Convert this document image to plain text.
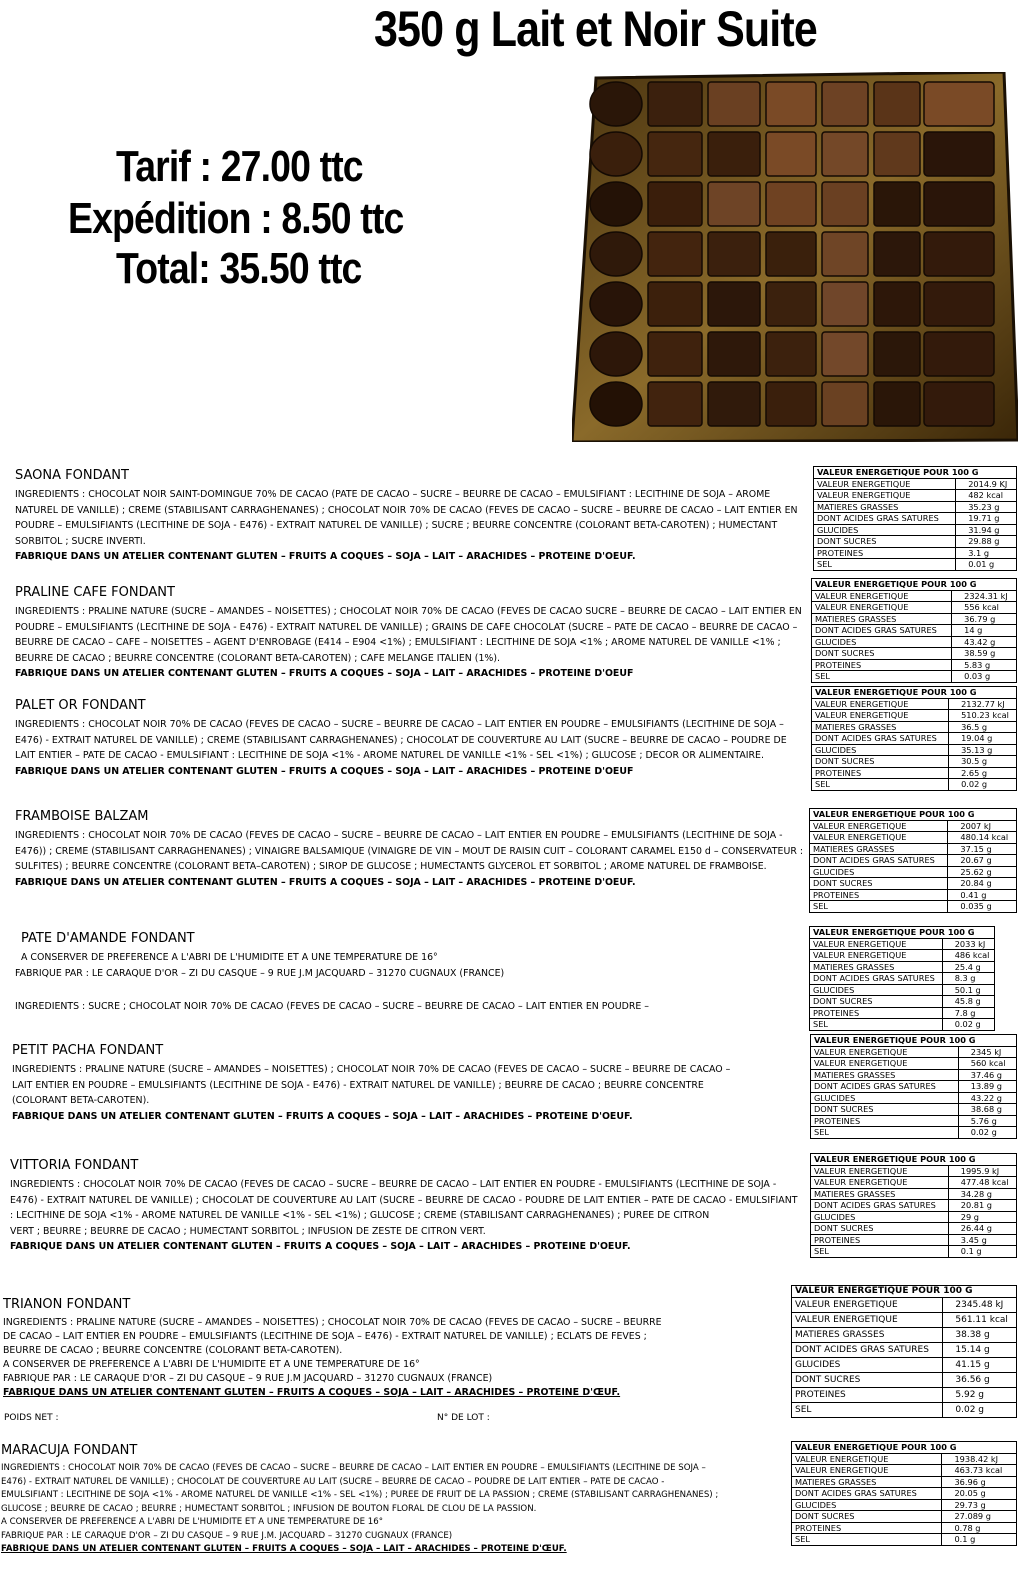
350 g Lait et Noir Suite
Tarif : 27.00 ttc
Expédition : 8.50 ttc
Total: 35.50 ttc
SAONA FONDANT
INGREDIENTS : CHOCOLAT NOIR SAINT-DOMINGUE 70% DE CACAO (PATE DE CACAO – SUCRE – BEURRE DE CACAO – EMULSIFIANT : LECITHINE DE SOJA – AROME NATUREL DE VANILLE) ; CREME (STABILISANT CARRAGHENANES) ; CHOCOLAT NOIR 70% DE CACAO (FEVES DE CACAO – SUCRE – BEURRE DE CACAO – LAIT ENTIER EN POUDRE – EMULSIFIANTS (LECITHINE DE SOJA - E476) - EXTRAIT NATUREL DE VANILLE) ; SUCRE ; BEURRE CONCENTRE (COLORANT BETA-CAROTEN) ; HUMECTANT SORBITOL ; SUCRE INVERTI.
FABRIQUE DANS UN ATELIER CONTENANT GLUTEN – FRUITS A COQUES – SOJA – LAIT – ARACHIDES – PROTEINE D'OEUF.
PRALINE CAFE FONDANT
INGREDIENTS : PRALINE NATURE (SUCRE – AMANDES – NOISETTES) ; CHOCOLAT NOIR 70% DE CACAO (FEVES DE CACAO SUCRE – BEURRE DE CACAO – LAIT ENTIER EN POUDRE – EMULSIFIANTS (LECITHINE DE SOJA - E476) - EXTRAIT NATUREL DE VANILLE) ; GRAINS DE CAFE CHOCOLAT (SUCRE – PATE DE CACAO – BEURRE DE CACAO – BEURRE DE CACAO – CAFE – NOISETTES – AGENT D'ENROBAGE (E414 – E904 <1%) ; EMULSIFIANT : LECITHINE DE SOJA <1% ; AROME NATUREL DE VANILLE <1% ; BEURRE DE CACAO ; BEURRE CONCENTRE (COLORANT BETA-CAROTEN) ; CAFE MELANGE ITALIEN (1%).
FABRIQUE DANS UN ATELIER CONTENANT GLUTEN – FRUITS A COQUES – SOJA – LAIT – ARACHIDES – PROTEINE D'OEUF
PALET OR FONDANT
INGREDIENTS : CHOCOLAT NOIR 70% DE CACAO (FEVES DE CACAO – SUCRE – BEURRE DE CACAO – LAIT ENTIER EN POUDRE – EMULSIFIANTS (LECITHINE DE SOJA – E476) - EXTRAIT NATUREL DE VANILLE) ; CREME (STABILISANT CARRAGHENANES) ; CHOCOLAT DE COUVERTURE AU LAIT (SUCRE – BEURRE DE CACAO – POUDRE DE LAIT ENTIER – PATE DE CACAO - EMULSIFIANT : LECITHINE DE SOJA <1% - AROME NATUREL DE VANILLE <1% - SEL <1%) ; GLUCOSE ; DECOR OR ALIMENTAIRE.
FABRIQUE DANS UN ATELIER CONTENANT GLUTEN – FRUITS A COQUES – SOJA – LAIT – ARACHIDES – PROTEINE D'OEUF
FRAMBOISE BALZAM
INGREDIENTS : CHOCOLAT NOIR 70% DE CACAO (FEVES DE CACAO – SUCRE – BEURRE DE CACAO – LAIT ENTIER EN POUDRE – EMULSIFIANTS (LECITHINE DE SOJA - E476)) ; CREME (STABILISANT CARRAGHENANES) ; VINAIGRE BALSAMIQUE (VINAIGRE DE VIN – MOUT DE RAISIN CUIT – COLORANT CARAMEL E150 d – CONSERVATEUR : SULFITES) ; BEURRE CONCENTRE (COLORANT BETA–CAROTEN) ; SIROP DE GLUCOSE ; HUMECTANTS GLYCEROL ET SORBITOL ; AROME NATUREL DE FRAMBOISE.
FABRIQUE DANS UN ATELIER CONTENANT GLUTEN – FRUITS A COQUES – SOJA – LAIT – ARACHIDES – PROTEINE D'OEUF.
PATE D'AMANDE FONDANT
A CONSERVER DE PREFERENCE A L'ABRI DE L'HUMIDITE ET A UNE TEMPERATURE DE 16°
FABRIQUE PAR : LE CARAQUE D'OR – ZI DU CASQUE – 9 RUE J.M JACQUARD – 31270 CUGNAUX (FRANCE)
INGREDIENTS : SUCRE ; CHOCOLAT NOIR 70% DE CACAO (FEVES DE CACAO – SUCRE – BEURRE DE CACAO – LAIT ENTIER EN POUDRE –
PETIT PACHA FONDANT
INGREDIENTS : PRALINE NATURE (SUCRE – AMANDES – NOISETTES) ; CHOCOLAT NOIR 70% DE CACAO (FEVES DE CACAO – SUCRE – BEURRE DE CACAO – LAIT ENTIER EN POUDRE – EMULSIFIANTS (LECITHINE DE SOJA - E476) - EXTRAIT NATUREL DE VANILLE) ; BEURRE DE CACAO ; BEURRE CONCENTRE (COLORANT BETA-CAROTEN).
FABRIQUE DANS UN ATELIER CONTENANT GLUTEN – FRUITS A COQUES – SOJA – LAIT – ARACHIDES – PROTEINE D'OEUF.
VITTORIA FONDANT
INGREDIENTS : CHOCOLAT NOIR 70% DE CACAO (FEVES DE CACAO – SUCRE – BEURRE DE CACAO – LAIT ENTIER EN POUDRE - EMULSIFIANTS (LECITHINE DE SOJA - E476) - EXTRAIT NATUREL DE VANILLE) ; CHOCOLAT DE COUVERTURE AU LAIT (SUCRE – BEURRE DE CACAO - POUDRE DE LAIT ENTIER – PATE DE CACAO - EMULSIFIANT : LECITHINE DE SOJA <1% - AROME NATUREL DE VANILLE <1% - SEL <1%) ; GLUCOSE ; CREME (STABILISANT CARRAGHENANES) ; PUREE DE CITRON
VERT ; BEURRE ; BEURRE DE CACAO ; HUMECTANT SORBITOL ; INFUSION DE ZESTE DE CITRON VERT.
FABRIQUE DANS UN ATELIER CONTENANT GLUTEN – FRUITS A COQUES – SOJA – LAIT – ARACHIDES – PROTEINE D'OEUF.
TRIANON FONDANT
INGREDIENTS : PRALINE NATURE (SUCRE – AMANDES – NOISETTES) ; CHOCOLAT NOIR 70% DE CACAO (FEVES DE CACAO – SUCRE – BEURRE DE CACAO – LAIT ENTIER EN POUDRE – EMULSIFIANTS (LECITHINE DE SOJA – E476) - EXTRAIT NATUREL DE VANILLE) ; ECLATS DE FEVES ; BEURRE DE CACAO ; BEURRE CONCENTRE (COLORANT BETA-CAROTEN).
A CONSERVER DE PREFERENCE A L'ABRI DE L'HUMIDITE ET A UNE TEMPERATURE DE 16°
FABRIQUE PAR : LE CARAQUE D'OR – ZI DU CASQUE – 9 RUE J.M JACQUARD – 31270 CUGNAUX (FRANCE)
FABRIQUE DANS UN ATELIER CONTENANT GLUTEN – FRUITS A COQUES – SOJA – LAIT – ARACHIDES – PROTEINE D'ŒUF.
POIDS NET :	N° DE LOT :
MARACUJA FONDANT
INGREDIENTS : CHOCOLAT NOIR 70% DE CACAO (FEVES DE CACAO – SUCRE – BEURRE DE CACAO – LAIT ENTIER EN POUDRE – EMULSIFIANTS (LECITHINE DE SOJA – E476) - EXTRAIT NATUREL DE VANILLE) ; CHOCOLAT DE COUVERTURE AU LAIT (SUCRE – BEURRE DE CACAO – POUDRE DE LAIT ENTIER – PATE DE CACAO - EMULSIFIANT : LECITHINE DE SOJA <1% - AROME NATUREL DE VANILLE <1% - SEL <1%) ; PUREE DE FRUIT DE LA PASSION ; CREME (STABILISANT CARRAGHENANES) ; GLUCOSE ; BEURRE DE CACAO ; BEURRE ; HUMECTANT SORBITOL ; INFUSION DE BOUTON FLORAL DE CLOU DE LA PASSION.
A CONSERVER DE PREFERENCE A L'ABRI DE L'HUMIDITE ET A UNE TEMPERATURE DE 16°
FABRIQUE PAR : LE CARAQUE D'OR – ZI DU CASQUE – 9 RUE J.M. JACQUARD – 31270 CUGNAUX (FRANCE)
FABRIQUE DANS UN ATELIER CONTENANT GLUTEN – FRUITS A COQUES – SOJA – LAIT – ARACHIDES – PROTEINE D'ŒUF.
VALEUR ENERGETIQUE POUR 100 G	
VALEUR ENERGETIQUE	2014.9 KJ
VALEUR ENERGETIQUE	482 kcal
MATIERES GRASSES	35.23 g
DONT ACIDES GRAS SATURES	19.71 g
GLUCIDES	31.94 g
DONT SUCRES	29.88 g
PROTEINES	3.1 g
SEL	0.01 g
VALEUR ENERGETIQUE POUR 100 G	
VALEUR ENERGETIQUE	2324.31 kJ
VALEUR ENERGETIQUE	556 kcal
MATIERES GRASSES	36.79 g
DONT ACIDES GRAS SATURES	14 g
GLUCIDES	43.42 g
DONT SUCRES	38.59 g
PROTEINES	5.83 g
SEL	0.03 g
VALEUR ENERGETIQUE POUR 100 G	
VALEUR ENERGETIQUE	2132.77 kJ
VALEUR ENERGETIQUE	510.23 kcal
MATIERES GRASSES	36.5 g
DONT ACIDES GRAS SATURES	19.04 g
GLUCIDES	35.13 g
DONT SUCRES	30.5 g
PROTEINES	2.65 g
SEL	0.02 g
VALEUR ENERGETIQUE POUR 100 G	
VALEUR ENERGETIQUE	2007 kJ
VALEUR ENERGETIQUE	480.14 kcal
MATIERES GRASSES	37.15 g
DONT ACIDES GRAS SATURES	20.67 g
GLUCIDES	25.62 g
DONT SUCRES	20.84 g
PROTEINES	0.41 g
SEL	0.035 g
VALEUR ENERGETIQUE POUR 100 G	
VALEUR ENERGETIQUE	2033 kJ
VALEUR ENERGETIQUE	486 kcal
MATIERES GRASSES	25.4 g
DONT ACIDES GRAS SATURES	8.3 g
GLUCIDES	50.1 g
DONT SUCRES	45.8 g
PROTEINES	7.8 g
SEL	0.02 g
VALEUR ENERGETIQUE POUR 100 G	
VALEUR ENERGETIQUE	2345 kJ
VALEUR ENERGETIQUE	560 kcal
MATIERES GRASSES	37.46 g
DONT ACIDES GRAS SATURES	13.89 g
GLUCIDES	43.22 g
DONT SUCRES	38.68 g
PROTEINES	5.76 g
SEL	0.02 g
VALEUR ENERGETIQUE POUR 100 G	
VALEUR ENERGETIQUE	1995.9 kJ
VALEUR ENERGETIQUE	477.48 kcal
MATIERES GRASSES	34.28 g
DONT ACIDES GRAS SATURES	20.81 g
GLUCIDES	29 g
DONT SUCRES	26.44 g
PROTEINES	3.45 g
SEL	0.1 g
VALEUR ENERGETIQUE POUR 100 G	
VALEUR ENERGETIQUE	2345.48 kJ
VALEUR ENERGETIQUE	561.11 kcal
MATIERES GRASSES	38.38 g
DONT ACIDES GRAS SATURES	15.14 g
GLUCIDES	41.15 g
DONT SUCRES	36.56 g
PROTEINES	5.92 g
SEL	0.02 g
VALEUR ENERGETIQUE POUR 100 G	
VALEUR ENERGETIQUE	1938.42 kJ
VALEUR ENERGETIQUE	463.73 kcal
MATIERES GRASSES	36.96 g
DONT ACIDES GRAS SATURES	20.05 g
GLUCIDES	29.73 g
DONT SUCRES	27.089 g
PROTEINES	0.78 g
SEL	0.1 g
